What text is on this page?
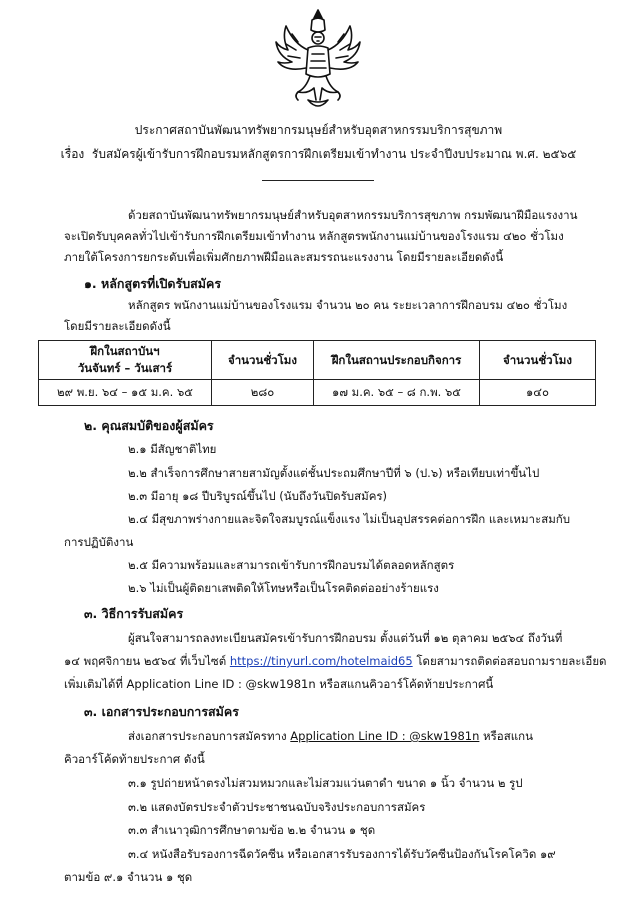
ประกาศสถาบันพัฒนาทรัพยากรมนุษย์สำหรับอุตสาหกรรมบริการสุขภาพ
เรื่อง รับสมัครผู้เข้ารับการฝึกอบรมหลักสูตรการฝึกเตรียมเข้าทำงาน ประจำปีงบประมาณ พ.ศ. ๒๕๖๕
ด้วยสถาบันพัฒนาทรัพยากรมนุษย์สำหรับอุตสาหกรรมบริการสุขภาพ กรมพัฒนาฝีมือแรงงาน
จะเปิดรับบุคคลทั่วไปเข้ารับการฝึกเตรียมเข้าทำงาน หลักสูตรพนักงานแม่บ้านของโรงแรม ๔๒๐ ชั่วโมง
ภายใต้โครงการยกระดับเพื่อเพิ่มศักยภาพฝีมือและสมรรถนะแรงงาน โดยมีรายละเอียดดังนี้
๑. หลักสูตรที่เปิดรับสมัคร
หลักสูตร พนักงานแม่บ้านของโรงแรม จำนวน ๒๐ คน ระยะเวลาการฝึกอบรม ๔๒๐ ชั่วโมง
โดยมีรายละเอียดดังนี้
ฝึกในสถาบันฯ
วันจันทร์ – วันเสาร์	จำนวนชั่วโมง	ฝึกในสถานประกอบกิจการ	จำนวนชั่วโมง
๒๙ พ.ย. ๖๔ – ๑๕ ม.ค. ๖๕	๒๘๐	๑๗ ม.ค. ๖๕ – ๘ ก.พ. ๖๕	๑๔๐
๒. คุณสมบัติของผู้สมัคร
๒.๑ มีสัญชาติไทย
๒.๒ สำเร็จการศึกษาสายสามัญตั้งแต่ชั้นประถมศึกษาปีที่ ๖ (ป.๖) หรือเทียบเท่าขึ้นไป
๒.๓ มีอายุ ๑๘ ปีบริบูรณ์ขึ้นไป (นับถึงวันปิดรับสมัคร)
๒.๔ มีสุขภาพร่างกายและจิตใจสมบูรณ์แข็งแรง ไม่เป็นอุปสรรคต่อการฝึก และเหมาะสมกับ
การปฏิบัติงาน
๒.๕ มีความพร้อมและสามารถเข้ารับการฝึกอบรมได้ตลอดหลักสูตร
๒.๖ ไม่เป็นผู้ติดยาเสพติดให้โทษหรือเป็นโรคติดต่ออย่างร้ายแรง
๓. วิธีการรับสมัคร
ผู้สนใจสามารถลงทะเบียนสมัครเข้ารับการฝึกอบรม ตั้งแต่วันที่ ๑๒ ตุลาคม ๒๕๖๔ ถึงวันที่
๑๔ พฤศจิกายน ๒๕๖๔ ที่เว็บไซต์ https://tinyurl.com/hotelmaid65 โดยสามารถติดต่อสอบถามรายละเอียด
เพิ่มเติมได้ที่ Application Line ID : @skw1981n หรือสแกนคิวอาร์โค้ดท้ายประกาศนี้
๓. เอกสารประกอบการสมัคร
ส่งเอกสารประกอบการสมัครทาง Application Line ID : @skw1981n หรือสแกน
คิวอาร์โค้ดท้ายประกาศ ดังนี้
๓.๑ รูปถ่ายหน้าตรงไม่สวมหมวกและไม่สวมแว่นตาดำ ขนาด ๑ นิ้ว จำนวน ๒ รูป
๓.๒ แสดงบัตรประจำตัวประชาชนฉบับจริงประกอบการสมัคร
๓.๓ สำเนาวุฒิการศึกษาตามข้อ ๒.๒ จำนวน ๑ ชุด
๓.๔ หนังสือรับรองการฉีดวัคซีน หรือเอกสารรับรองการได้รับวัคซีนป้องกันโรคโควิด ๑๙
ตามข้อ ๙.๑ จำนวน ๑ ชุด
